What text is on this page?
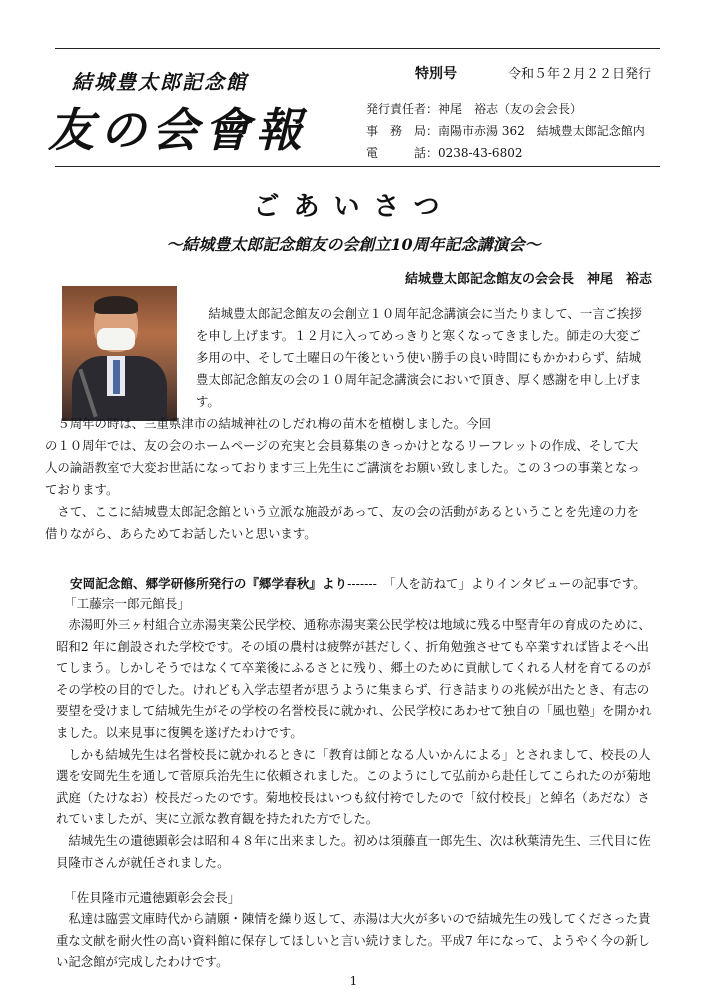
結城豊太郎記念館
友の会會報
特別号	令和５年２月２２日発行
発行責任者：神尾　裕志（友の会会長）
事　務　局：南陽市赤湯 362　結城豊太郎記念館内
電　　　話：0238-43-6802
ごあいさつ
～結城豊太郎記念館友の会創立10周年記念講演会～
結城豊太郎記念館友の会会長　神尾　裕志
　結城豊太郎記念館友の会創立１０周年記念講演会に当たりまして、一言ご挨拶
を申し上げます。１２月に入ってめっきりと寒くなってきました。師走の大変ご
多用の中、そして土曜日の午後という使い勝手の良い時間にもかかわらず、結城
豊太郎記念館友の会の１０周年記念講演会においで頂き、厚く感謝を申し上げま
す。
　５周年の時は、三重県津市の結城神社のしだれ梅の苗木を植樹しました。今回
の１０周年では、友の会のホームページの充実と会員募集のきっかけとなるリーフレットの作成、そして大
人の論語教室で大変お世話になっております三上先生にご講演をお願い致しました。この３つの事業となっ
ております。
　さて、ここに結城豊太郎記念館という立派な施設があって、友の会の活動があるということを先達の力を
借りながら、あらためてお話したいと思います。
安岡記念館、郷学研修所発行の『郷学春秋』より-------　「人を訪ねて」よりインタビューの記事です。
「工藤宗一郎元館長」
　赤湯町外三ヶ村組合立赤湯実業公民学校、通称赤湯実業公民学校は地域に残る中堅青年の育成のために、
昭和2 年に創設された学校です。その頃の農村は疲弊が甚だしく、折角勉強させても卒業すれば皆よそへ出
てしまう。しかしそうではなくて卒業後にふるさとに残り、郷土のために貢献してくれる人材を育てるのが
その学校の目的でした。けれども入学志望者が思うように集まらず、行き詰まりの兆候が出たとき、有志の
要望を受けまして結城先生がその学校の名誉校長に就かれ、公民学校にあわせて独自の「風也塾」を開かれ
ました。以来見事に復興を遂げたわけです。
　しかも結城先生は名誉校長に就かれるときに「教育は師となる人いかんによる」とされまして、校長の人
選を安岡先生を通して菅原兵治先生に依頼されました。このようにして弘前から赴任してこられたのが菊地
武庭（たけなお）校長だったのです。菊地校長はいつも紋付袴でしたので「紋付校長」と綽名（あだな）さ
れていましたが、実に立派な教育観を持たれた方でした。
　結城先生の遺徳顕彰会は昭和４８年に出来ました。初めは須藤直一郎先生、次は秋葉清先生、三代目に佐
貝隆市さんが就任されました。
「佐貝隆市元遺徳顕彰会会長」
　私達は臨雲文庫時代から請願・陳情を繰り返して、赤湯は大火が多いので結城先生の残してくださった貴
重な文献を耐火性の高い資料館に保存してほしいと言い続けました。平成7 年になって、ようやく今の新し
い記念館が完成したわけです。
1
